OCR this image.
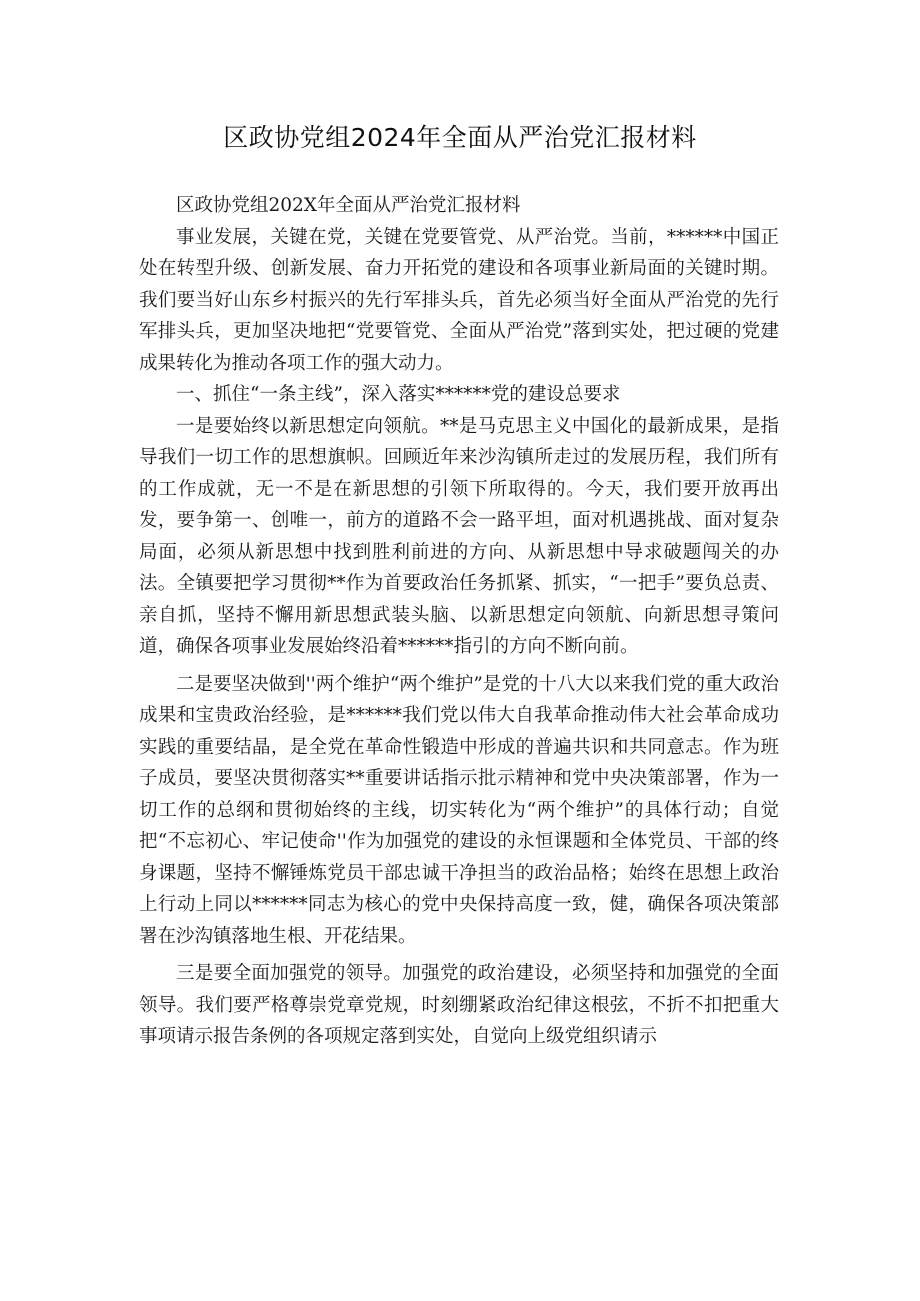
区政协党组2024年全面从严治党汇报材料

区政协党组202X年全面从严治党汇报材料

事业发展，关键在党，关键在党要管党、从严治党。当前，******中国正处在转型升级、创新发展、奋力开拓党的建设和各项事业新局面的关键时期。我们要当好山东乡村振兴的先行军排头兵，首先必须当好全面从严治党的先行军排头兵，更加坚决地把“党要管党、全面从严治党”落到实处，把过硬的党建成果转化为推动各项工作的强大动力。

一、抓住“一条主线”，深入落实******党的建设总要求

一是要始终以新思想定向领航。**是马克思主义中国化的最新成果，是指导我们一切工作的思想旗帜。回顾近年来沙沟镇所走过的发展历程，我们所有的工作成就，无一不是在新思想的引领下所取得的。今天，我们要开放再出发，要争第一、创唯一，前方的道路不会一路平坦，面对机遇挑战、面对复杂局面，必须从新思想中找到胜利前进的方向、从新思想中导求破题闯关的办法。全镇要把学习贯彻**作为首要政治任务抓紧、抓实，“一把手”要负总责、亲自抓，坚持不懈用新思想武装头脑、以新思想定向领航、向新思想寻策问道，确保各项事业发展始终沿着******指引的方向不断向前。

二是要坚决做到''两个维护“两个维护”是党的十八大以来我们党的重大政治成果和宝贵政治经验，是******我们党以伟大自我革命推动伟大社会革命成功实践的重要结晶，是全党在革命性锻造中形成的普遍共识和共同意志。作为班子成员，要坚决贯彻落实**重要讲话指示批示精神和党中央决策部署，作为一切工作的总纲和贯彻始终的主线，切实转化为“两个维护”的具体行动；自觉把“不忘初心、牢记使命''作为加强党的建设的永恒课题和全体党员、干部的终身课题，坚持不懈锤炼党员干部忠诚干净担当的政治品格；始终在思想上政治上行动上同以******同志为核心的党中央保持高度一致，健，确保各项决策部署在沙沟镇落地生根、开花结果。

三是要全面加强党的领导。加强党的政治建设，必须坚持和加强党的全面领导。我们要严格尊崇党章党规，时刻绷紧政治纪律这根弦，不折不扣把重大事项请示报告条例的各项规定落到实处，自觉向上级党组织请示
